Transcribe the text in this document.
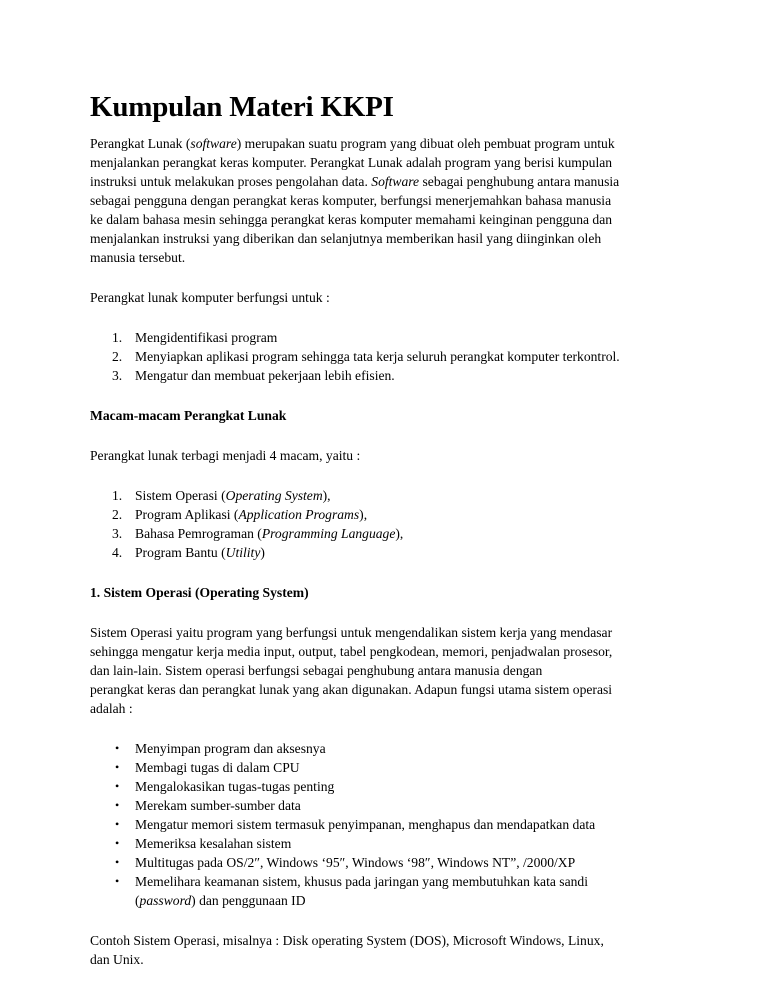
Kumpulan Materi KKPI

Perangkat Lunak (software) merupakan suatu program yang dibuat oleh pembuat program untuk
menjalankan perangkat keras komputer. Perangkat Lunak adalah program yang berisi kumpulan
instruksi untuk melakukan proses pengolahan data. Software sebagai penghubung antara manusia
sebagai pengguna dengan perangkat keras komputer, berfungsi menerjemahkan bahasa manusia
ke dalam bahasa mesin sehingga perangkat keras komputer memahami keinginan pengguna dan
menjalankan instruksi yang diberikan dan selanjutnya memberikan hasil yang diinginkan oleh
manusia tersebut.

Perangkat lunak komputer berfungsi untuk :

1. Mengidentifikasi program
2. Menyiapkan aplikasi program sehingga tata kerja seluruh perangkat komputer terkontrol.
3. Mengatur dan membuat pekerjaan lebih efisien.
Macam-macam Perangkat Lunak

Perangkat lunak terbagi menjadi 4 macam, yaitu :

1. Sistem Operasi (Operating System),
2. Program Aplikasi (Application Programs),
3. Bahasa Pemrograman (Programming Language),
4. Program Bantu (Utility)
1. Sistem Operasi (Operating System)

Sistem Operasi yaitu program yang berfungsi untuk mengendalikan sistem kerja yang mendasar
sehingga mengatur kerja media input, output, tabel pengkodean, memori, penjadwalan prosesor,
dan lain-lain. Sistem operasi berfungsi sebagai penghubung antara manusia dengan
perangkat keras dan perangkat lunak yang akan digunakan. Adapun fungsi utama sistem operasi
adalah :

• Menyimpan program dan aksesnya
• Membagi tugas di dalam CPU
• Mengalokasikan tugas-tugas penting
• Merekam sumber-sumber data
• Mengatur memori sistem termasuk penyimpanan, menghapus dan mendapatkan data
• Memeriksa kesalahan sistem
• Multitugas pada OS/2″, Windows ‘95″, Windows ‘98″, Windows NT”, /2000/XP
• Memelihara keamanan sistem, khusus pada jaringan yang membutuhkan kata sandi
(password) dan penggunaan ID

Contoh Sistem Operasi, misalnya : Disk operating System (DOS), Microsoft Windows, Linux,
dan Unix.
